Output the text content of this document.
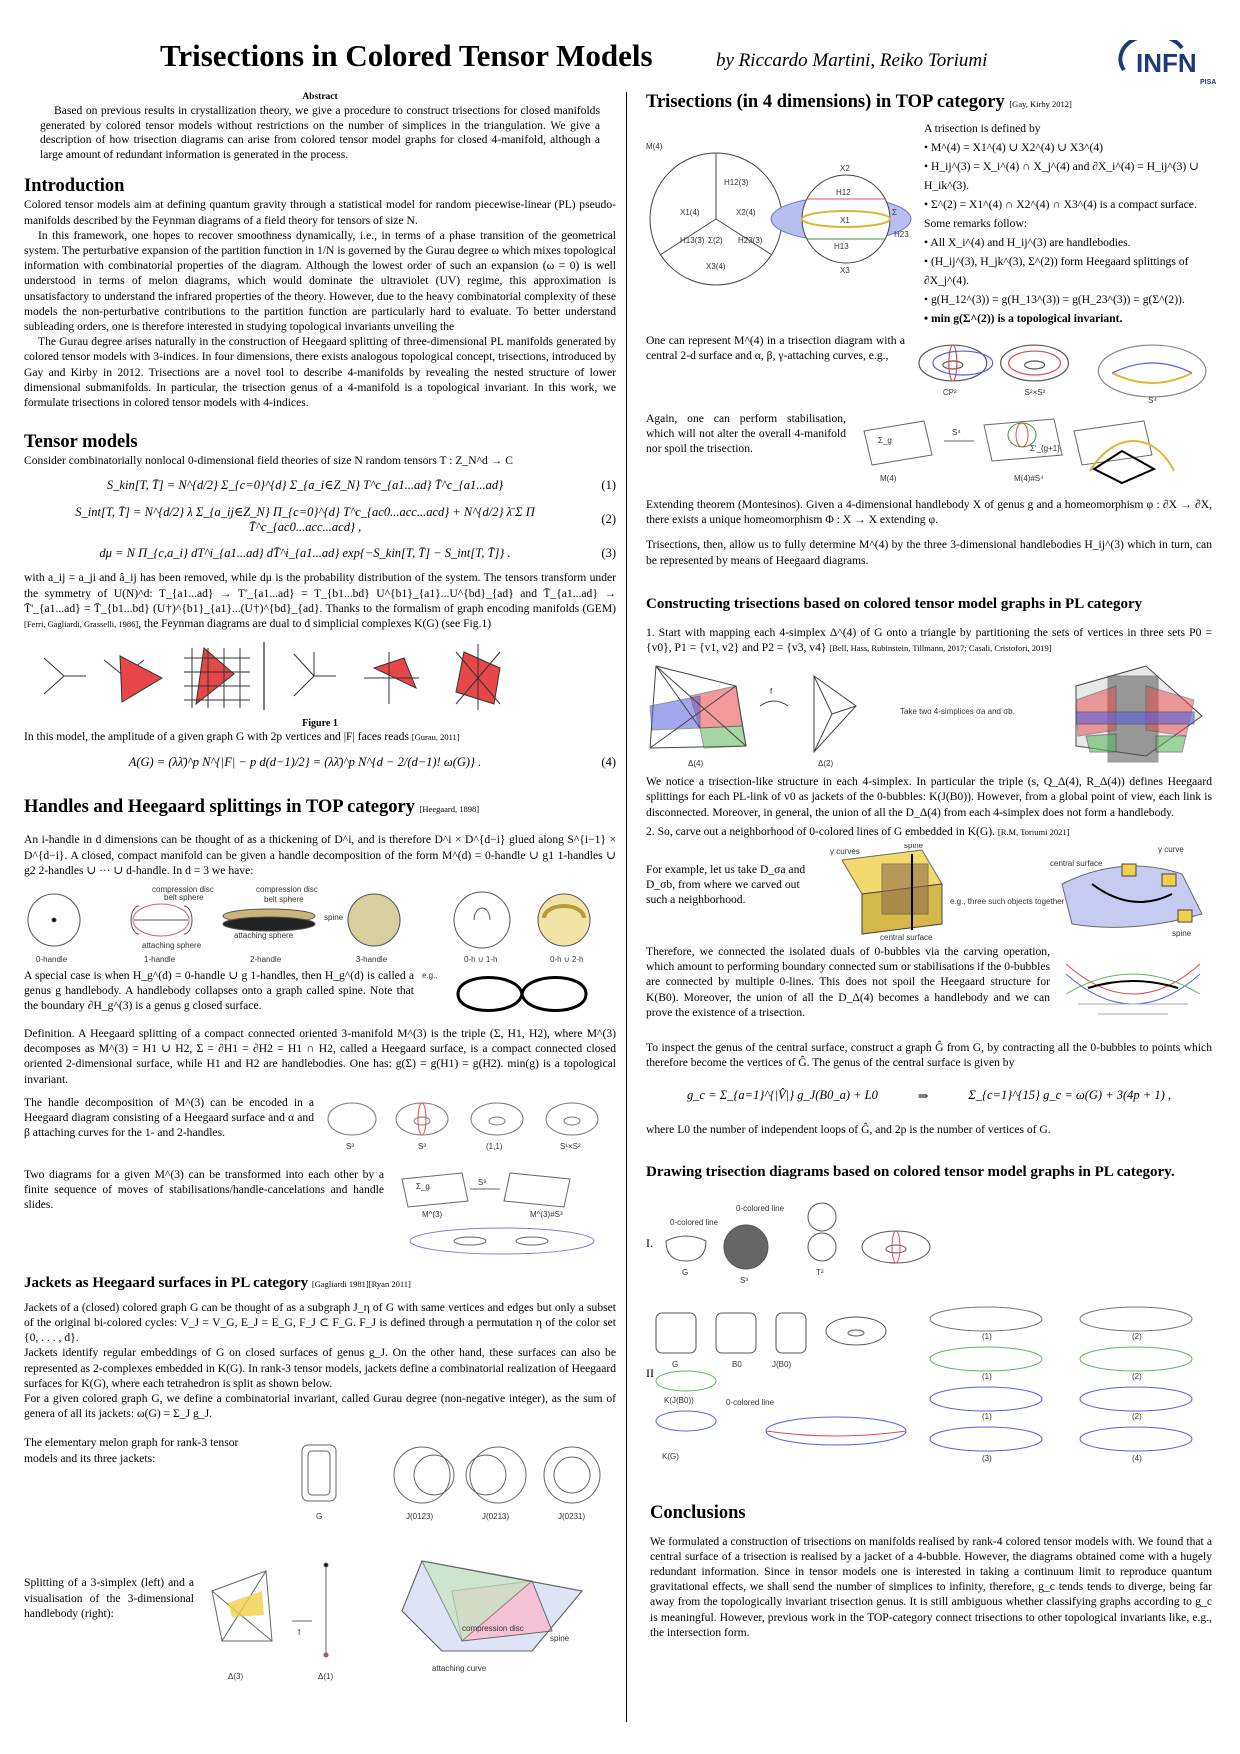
Trisections in Colored Tensor Models	by Riccardo Martini, Reiko Toriumi	INFN
PISA
Abstract

Based on previous results in crystallization theory, we give a procedure to construct trisections for closed manifolds generated by colored tensor models without restrictions on the number of simplices in the triangulation. We give a description of how trisection diagrams can arise from colored tensor model graphs for closed 4-manifold, although a large amount of redundant information is generated in the process.

Introduction

Colored tensor models aim at defining quantum gravity through a statistical model for random piecewise-linear (PL) pseudo-manifolds described by the Feynman diagrams of a field theory for tensors of size N.

In this framework, one hopes to recover smoothness dynamically, i.e., in terms of a phase transition of the geometrical system. The perturbative expansion of the partition function in 1/N is governed by the Gurau degree ω which mixes topological information with combinatorial properties of the diagram. Although the lowest order of such an expansion (ω = 0) is well understood in terms of melon diagrams, which would dominate the ultraviolet (UV) regime, this approximation is unsatisfactory to understand the infrared properties of the theory. However, due to the heavy combinatorial complexity of these models the non-perturbative contributions to the partition function are particularly hard to evaluate. To better understand subleading orders, one is therefore interested in studying topological invariants unveiling the

The Gurau degree arises naturally in the construction of Heegaard splitting of three-dimensional PL manifolds generated by colored tensor models with 3-indices. In four dimensions, there exists analogous topological concept, trisections, introduced by Gay and Kirby in 2012. Trisections are a novel tool to describe 4-manifolds by revealing the nested structure of lower dimensional submanifolds. In particular, the trisection genus of a 4-manifold is a topological invariant. In this work, we formulate trisections in colored tensor models with 4-indices.

Tensor models

Consider combinatorially nonlocal 0-dimensional field theories of size N random tensors T : Z_N^d → C

S_kin[T, T̄] = N^{d/2} Σ_{c=0}^{d} Σ_{a_i∈Z_N} T^c_{a1...ad} T̄^c_{a1...ad}	(1)
S_int[T, T̄] = N^{d/2} λ Σ_{a_ij∈Z_N} Π_{c=0}^{d} T^c_{ac0...acc...acd} + N^{d/2} λ̄ Σ Π T̄^c_{ac0...acc...acd} ,
(2)
dμ = N Π_{c,a_i} dT^i_{a1...ad} dT̄^i_{a1...ad} exp{−S_kin[T, T̄] − S_int[T, T̄]} .	(3)

with a_ij = a_ji and â_ij has been removed, while dμ is the probability distribution of the system. The tensors transform under the symmetry of U(N)^d: T_{a1...ad} → T'_{a1...ad} = T_{b1...bd} U^{b1}_{a1}...U^{bd}_{ad} and T̄_{a1...ad} → T̄'_{a1...ad} = T̄_{b1...bd} (U†)^{b1}_{a1}...(U†)^{bd}_{ad}. Thanks to the formalism of graph encoding manifolds (GEM) [Ferri, Gagliardi, Grasselli, 1986], the Feynman diagrams are dual to d simplicial complexes K(G) (see Fig.1)

Figure 1

In this model, the amplitude of a given graph G with 2p vertices and |F| faces reads [Gurau, 2011]

A(G) = (λλ̄)^p N^{|F| − p d(d−1)/2} = (λλ̄)^p N^{d − 2/(d−1)! ω(G)} .	(4)
Handles and Heegaard splittings in TOP category [Heegaard, 1898]

An i-handle in d dimensions can be thought of as a thickening of D^i, and is therefore D^i × D^{d−i} glued along S^{i−1} × D^{d−i}. A closed, compact manifold can be given a handle decomposition of the form M^(d) = 0-handle ∪ g1 1-handles ∪ g2 2-handles ∪ ··· ∪ d-handle. In d = 3 we have:

compression disc
belt sphere
attaching sphere
compression disc
belt sphere
spine
attaching sphere
0-handle	1-handle	2-handle	3-handle	0-h ∪ 1-h	0-h ∪ 2-h

A special case is when H_g^(d) = 0-handle ∪ g 1-handles, then H_g^(d) is called a genus g handlebody. A handlebody collapses onto a graph called spine. Note that the boundary ∂H_g^(3) is a genus g closed surface.

e.g.,

Definition. A Heegaard splitting of a compact connected oriented 3-manifold M^(3) is the triple (Σ, H1, H2), where M^(3) decomposes as M^(3) = H1 ∪ H2, Σ = ∂H1 = ∂H2 = H1 ∩ H2, called a Heegaard surface, is a compact connected closed oriented 2-dimensional surface, while H1 and H2 are handlebodies. One has: g(Σ) = g(H1) = g(H2). min(g) is a topological invariant.

The handle decomposition of M^(3) can be encoded in a Heegaard diagram consisting of a Heegaard surface and α and β attaching curves for the 1- and 2-handles.

S³	S³	(1,1)	S¹×S²

Two diagrams for a given M^(3) can be transformed into each other by a finite sequence of moves of stabilisations/handle-cancelations and handle slides.

Σ_g
M^(3)
S³
M^(3)#S³
Jackets as Heegaard surfaces in PL category [Gagliardi 1981][Ryan 2011]

Jackets of a (closed) colored graph G can be thought of as a subgraph J_η of G with same vertices and edges but only a subset of the original bi-colored cycles: V_J = V_G, E_J = E_G, F_J ⊂ F_G. F_J is defined through a permutation η of the color set {0, . . . , d}.

Jackets identify regular embeddings of G on closed surfaces of genus g_J. On the other hand, these surfaces can also be represented as 2-complexes embedded in K(G). In rank-3 tensor models, jackets define a combinatorial realization of Heegaard surfaces for K(G), where each tetrahedron is split as shown below.

For a given colored graph G, we define a combinatorial invariant, called Gurau degree (non-negative integer), as the sum of genera of all its jackets: ω(G) = Σ_J g_J.

The elementary melon graph for rank-3 tensor models and its three jackets:

G	J(0123)	J(0213)	J(0231)

Splitting of a 3-simplex (left) and a visualisation of the 3-dimensional handlebody (right):

Δ(3)	Δ(1)
f	compression disc
spine
attaching curve
Trisections (in 4 dimensions) in TOP category [Gay, Kirby 2012]
M(4)
X1(4)	X2(4)
X3(4)
H12(3)
H13(3)	H23(3)
Σ(2)
X2
H12
X1
Σ
H23
H13
X3
A trisection is defined by
• M^(4) = X1^(4) ∪ X2^(4) ∪ X3^(4)
• H_ij^(3) = X_i^(4) ∩ X_j^(4) and ∂X_i^(4) = H_ij^(3) ∪ H_ik^(3).
• Σ^(2) = X1^(4) ∩ X2^(4) ∩ X3^(4) is a compact surface.
Some remarks follow:
• All X_i^(4) and H_ij^(3) are handlebodies.
• (H_ij^(3), H_jk^(3), Σ^(2)) form Heegaard splittings of ∂X_j^(4).
• g(H_12^(3)) = g(H_13^(3)) = g(H_23^(3)) = g(Σ^(2)).
• min g(Σ^(2)) is a topological invariant.

One can represent M^(4) in a trisection diagram with a central 2-d surface and α, β, γ-attaching curves, e.g.,

CP²	S²×S²
S⁴

Again, one can perform stabilisation, which will not alter the overall 4-manifold nor spoil the trisection.

Σ_g
S⁴
Σ'_{g+1}
M(4)	M(4)#S⁴

Extending theorem (Montesinos). Given a 4-dimensional handlebody X of genus g and a homeomorphism φ : ∂X → ∂X, there exists a unique homeomorphism Φ : X → X extending φ.

Trisections, then, allow us to fully determine M^(4) by the three 3-dimensional handlebodies H_ij^(3) which in turn, can be represented by means of Heegaard diagrams.

Constructing trisections based on colored tensor model graphs in PL category

1. Start with mapping each 4-simplex Δ^(4) of G onto a triangle by partitioning the sets of vertices in three sets P0 = {v0}, P1 = {v1, v2} and P2 = {v3, v4} [Bell, Hass, Rubinstein, Tillmann, 2017; Casali, Cristofori, 2019]

Δ(4)
f
Δ(2)
Take two 4-simplices σa and σb.

We notice a trisection-like structure in each 4-simplex. In particular the triple (s, Q_Δ(4), R_Δ(4)) defines Heegaard splittings for each PL-link of v0 as jackets of the 0-bubbles: K(J(B0)). However, from a global point of view, each link is disconnected. Moreover, in general, the union of all the D_Δ(4) from each 4-simplex does not form a handlebody.

2. So, carve out a neighborhood of 0-colored lines of G embedded in K(G). [R.M, Toriumi 2021]

For example, let us take D_σa and D_σb, from where we carved out such a neighborhood.

γ curves
spine
central surface
e.g., three such objects together
γ curve
central surface
spine

Therefore, we connected the isolated duals of 0-bubbles via the carving operation, which amount to performing boundary connected sum or stabilisations if the 0-bubbles are connected by multiple 0-lines. This does not spoil the Heegaard structure for K(B0). Moreover, the union of all the D_Δ(4) becomes a handlebody and we can prove the existence of a trisection.

To inspect the genus of the central surface, construct a graph Ĝ from G, by contracting all the 0-bubbles to points which therefore become the vertices of Ĝ. The genus of the central surface is given by

g_c = Σ_{a=1}^{|V̂|} g_J(B0_a) + L0	⇒	Σ_{c=1}^{15} g_c = ω(G) + 3(4p + 1) ,

where L0 the number of independent loops of Ĝ, and 2p is the number of vertices of G.

Drawing trisection diagrams based on colored tensor model graphs in PL category.
I.
II
0-colored line
0-colored line
G
S³
T²
G	B0	J(B0)
K(J(B0))	0-colored line
K(G)
(1)	(2)
(1)	(2)
(1)	(2)
(3)	(4)
Conclusions

We formulated a construction of trisections on manifolds realised by rank-4 colored tensor models with. We found that a central surface of a trisection is realised by a jacket of a 4-bubble. However, the diagrams obtained come with a hugely redundant information. Since in tensor models one is interested in taking a continuum limit to reproduce quantum gravitational effects, we shall send the number of simplices to infinity, therefore, g_c tends tends to diverge, being far away from the topologically invariant trisection genus. It is still ambiguous whether classifying graphs according to g_c is meaningful. However, previous work in the TOP-category connect trisections to other topological invariants like, e.g., the intersection form.
